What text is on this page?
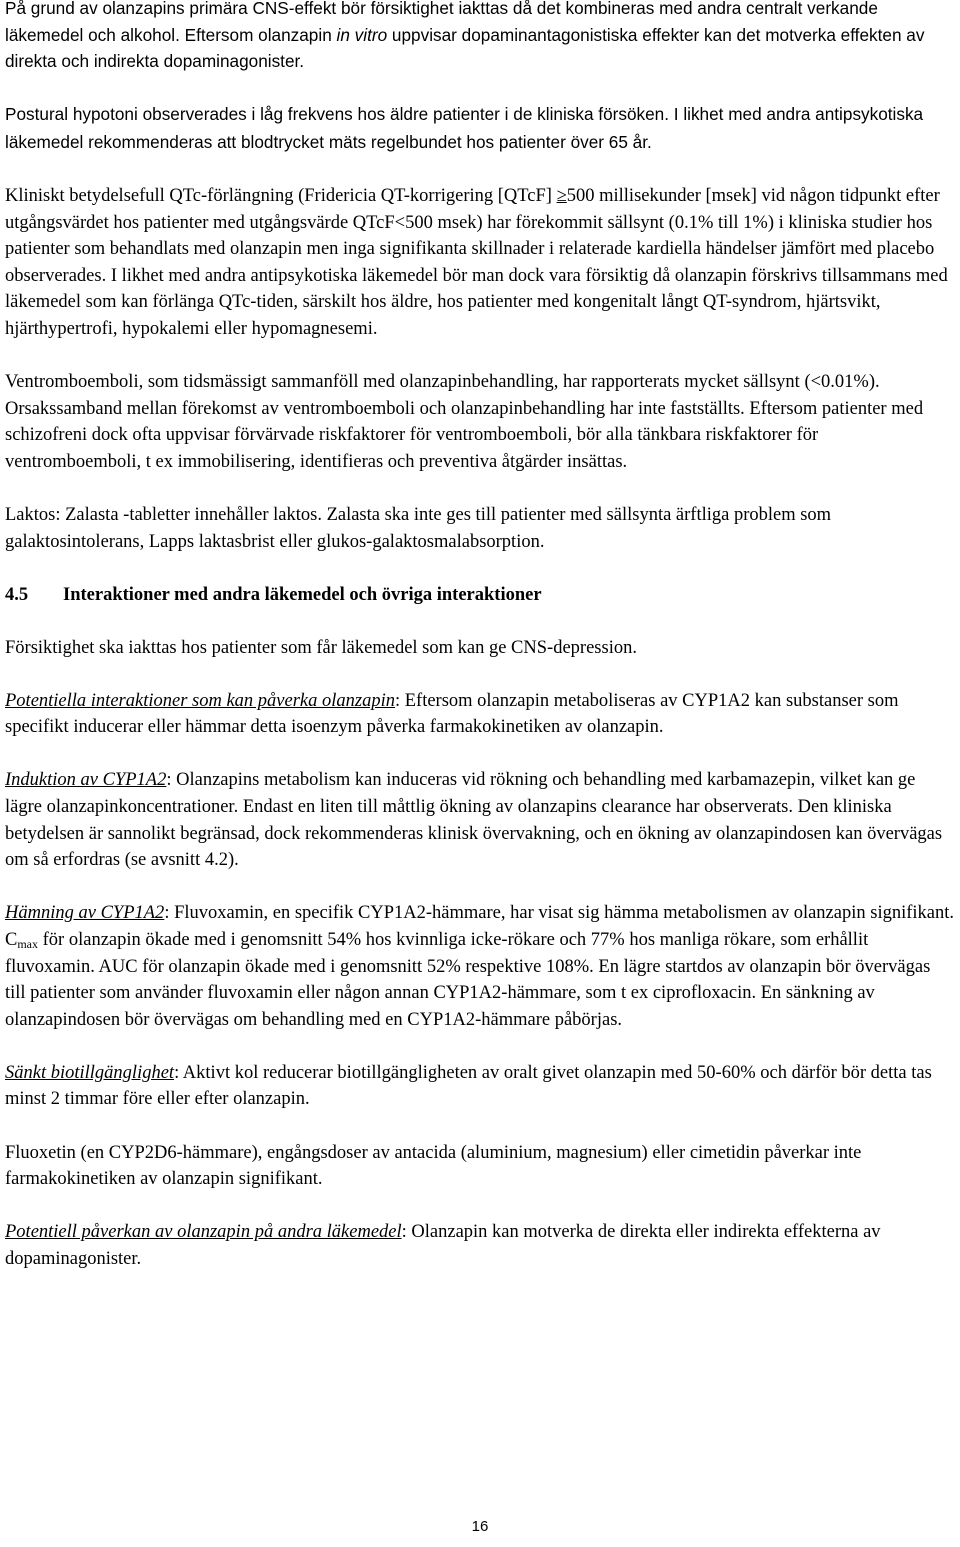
På grund av olanzapins primära CNS-effekt bör försiktighet iakttas då det kombineras med andra centralt verkande läkemedel och alkohol. Eftersom olanzapin in vitro uppvisar dopaminantagonistiska effekter kan det motverka effekten av direkta och indirekta dopaminagonister.

Postural hypotoni observerades i låg frekvens hos äldre patienter i de kliniska försöken. I likhet med andra antipsykotiska läkemedel rekommenderas att blodtrycket mäts regelbundet hos patienter över 65 år.

Kliniskt betydelsefull QTc-förlängning (Fridericia QT-korrigering [QTcF] ≥500 millisekunder [msek] vid någon tidpunkt efter utgångsvärdet hos patienter med utgångsvärde QTcF<500 msek) har förekommit sällsynt (0.1% till 1%) i kliniska studier hos patienter som behandlats med olanzapin men inga signifikanta skillnader i relaterade kardiella händelser jämfört med placebo observerades. I likhet med andra antipsykotiska läkemedel bör man dock vara försiktig då olanzapin förskrivs tillsammans med läkemedel som kan förlänga QTc-tiden, särskilt hos äldre, hos patienter med kongenitalt långt QT-syndrom, hjärtsvikt, hjärthypertrofi, hypokalemi eller hypomagnesemi.

Ventromboemboli, som tidsmässigt sammanföll med olanzapinbehandling, har rapporterats mycket sällsynt (<0.01%). Orsakssamband mellan förekomst av ventromboemboli och olanzapinbehandling har inte fastställts. Eftersom patienter med schizofreni dock ofta uppvisar förvärvade riskfaktorer för ventromboemboli, bör alla tänkbara riskfaktorer för ventromboemboli, t ex immobilisering, identifieras och preventiva åtgärder insättas.

Laktos: Zalasta -tabletter innehåller laktos. Zalasta ska inte ges till patienter med sällsynta ärftliga problem som galaktosintolerans, Lapps laktasbrist eller glukos-galaktosmalabsorption.

4.5 Interaktioner med andra läkemedel och övriga interaktioner

Försiktighet ska iakttas hos patienter som får läkemedel som kan ge CNS-depression.

Potentiella interaktioner som kan påverka olanzapin: Eftersom olanzapin metaboliseras av CYP1A2 kan substanser som specifikt inducerar eller hämmar detta isoenzym påverka farmakokinetiken av olanzapin.

Induktion av CYP1A2: Olanzapins metabolism kan induceras vid rökning och behandling med karbamazepin, vilket kan ge lägre olanzapinkoncentrationer. Endast en liten till måttlig ökning av olanzapins clearance har observerats. Den kliniska betydelsen är sannolikt begränsad, dock rekommenderas klinisk övervakning, och en ökning av olanzapindosen kan övervägas om så erfordras (se avsnitt 4.2).

Hämning av CYP1A2: Fluvoxamin, en specifik CYP1A2-hämmare, har visat sig hämma metabolismen av olanzapin signifikant. $C_{max}$ för olanzapin ökade med i genomsnitt 54% hos kvinnliga icke-rökare och 77% hos manliga rökare, som erhållit fluvoxamin. AUC för olanzapin ökade med i genomsnitt 52% respektive 108%. En lägre startdos av olanzapin bör övervägas till patienter som använder fluvoxamin eller någon annan CYP1A2-hämmare, som t ex ciprofloxacin. En sänkning av olanzapindosen bör övervägas om behandling med en CYP1A2-hämmare påbörjas.

Sänkt biotillgänglighet: Aktivt kol reducerar biotillgängligheten av oralt givet olanzapin med 50-60% och därför bör detta tas minst 2 timmar före eller efter olanzapin.

Fluoxetin (en CYP2D6-hämmare), engångsdoser av antacida (aluminium, magnesium) eller cimetidin påverkar inte farmakokinetiken av olanzapin signifikant.

Potentiell påverkan av olanzapin på andra läkemedel: Olanzapin kan motverka de direkta eller indirekta effekterna av dopaminagonister.

16
